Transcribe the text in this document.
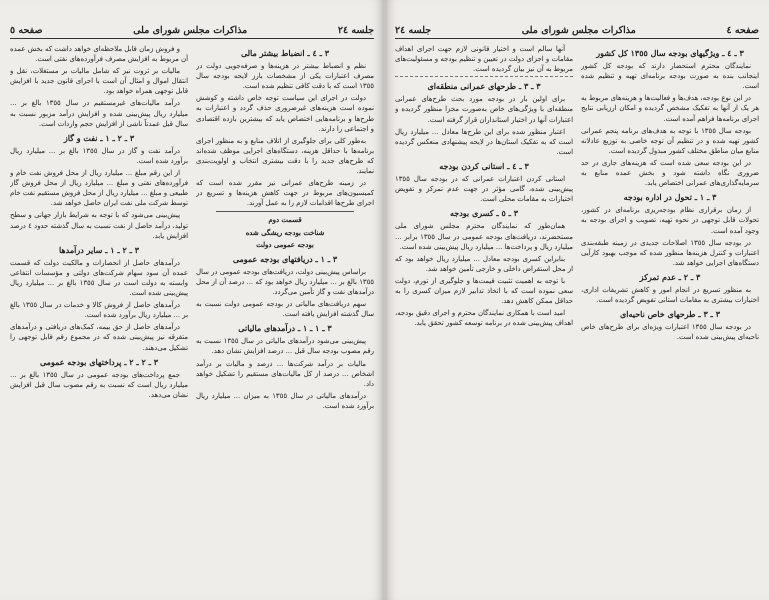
جلسه ٢٤
مذاکرات مجلس شورای ملی
صفحه ٥
٣ ـ ٤ ـ انضباط بیشتر مالی

نظم و انضباط بیشتر در هزینه‌ها و صرفه‌جویی دولت در مصرف اعتبارات یکی از مشخصات بارز لایحه بودجه سال ١٣٥٥ است که با دقت کافی تنظیم شده است.

دولت در اجرای این سیاست توجه خاص داشته و کوشش نموده است هزینه‌های غیرضروری حذف گردد و اعتبارات به طرح‌ها و برنامه‌هایی اختصاص یابد که بیشترین بازده اقتصادی و اجتماعی را دارند.

به‌طور کلی برای جلوگیری از اتلاف منابع و به منظور اجرای برنامه‌ها با حداقل هزینه، دستگاه‌های اجرایی موظف شده‌اند که طرح‌های جدید را با دقت بیشتری انتخاب و اولویت‌بندی نمایند.

در زمینه طرح‌های عمرانی نیز مقرر شده است که کمیسیون‌های مربوط در جهت کاهش هزینه‌ها و تسریع در اجرای طرح‌ها اقدامات لازم را به عمل آورند.

قسمت دوم
شناخت بودجه ریشگی شده
بودجه عمومی دولت
٣ ـ ١ ـ دریافتهای بودجه عمومی

براساس پیش‌بینی دولت، دریافت‌های بودجه عمومی در سال ١٣٥٥ بالغ بر ... میلیارد ریال خواهد بود که ... درصد آن از محل درآمدهای نفت و گاز تأمین می‌گردد.

سهم دریافت‌های مالیاتی در بودجه عمومی دولت نسبت به سال گذشته افزایش یافته است.

٣ ـ ١ ـ ١ ـ درآمدهای مالیاتی

پیش‌بینی می‌شود درآمدهای مالیاتی در سال ١٣٥٥ نسبت به رقم مصوب بودجه سال قبل ... درصد افزایش نشان دهد.

مالیات بر درآمد شرکت‌ها ... درصد و مالیات بر درآمد اشخاص ... درصد از کل مالیات‌های مستقیم را تشکیل خواهد داد.

درآمدهای مالیاتی در سال ١٣٥٥ به میزان ... میلیارد ریال برآورد شده است.

و فروش زمان قابل ملاحظه‌ای خواهد داشت که بخش عمده آن مربوط به افزایش مصرف فرآورده‌های نفتی است.

مالیات بر ثروت نیز که شامل مالیات بر مستغلات، نقل و انتقال اموال و امثال آن است با اجرای قانون جدید با افزایش قابل توجهی همراه خواهد بود.

درآمد مالیات‌های غیرمستقیم در سال ١٣٥٥ بالغ بر ... میلیارد ریال پیش‌بینی شده و افزایش درآمد مزبور نسبت به سال قبل عمدتاً ناشی از افزایش حجم واردات است.

٣ ـ ٢ ـ ١ ـ نفت و گاز

درآمد نفت و گاز در سال ١٣٥٥ بالغ بر ... میلیارد ریال برآورد شده است.

از این رقم مبلغ ... میلیارد ریال از محل فروش نفت خام و فرآورده‌های نفتی و مبلغ ... میلیارد ریال از محل فروش گاز طبیعی و مبلغ ... میلیارد ریال از محل فروش مستقیم نفت خام توسط شرکت ملی نفت ایران حاصل خواهد شد.

پیش‌بینی می‌شود که با توجه به شرایط بازار جهانی و سطح تولید، درآمد حاصل از نفت نسبت به سال گذشته حدود ٤ درصد افزایش یابد.

٣ ـ ٢ ـ ١ ـ سایر درآمدها

درآمدهای حاصل از انحصارات و مالکیت دولت که قسمت عمده آن سود سهام شرکت‌های دولتی و مؤسسات انتفاعی وابسته به دولت است در سال ١٣٥٥ بالغ بر ... میلیارد ریال پیش‌بینی شده است.

درآمدهای حاصل از فروش کالا و خدمات در سال ١٣٥٥ بالغ بر ... میلیارد ریال برآورد شده است.

درآمدهای حاصل از حق بیمه، کمک‌های دریافتی و درآمدهای متفرقه نیز پیش‌بینی شده که در مجموع رقم قابل توجهی را تشکیل می‌دهند.

٣ ـ ٢ ـ ٢ ـ پرداختهای بودجه عمومی

جمع پرداخت‌های بودجه عمومی در سال ١٣٥٥ بالغ بر ... میلیارد ریال است که نسبت به رقم مصوب سال قبل افزایش نشان می‌دهد.

صفحه ٤
مذاکرات مجلس شورای ملی
جلسه ٢٤
٣ ـ ٤ ـ ویژگیهای بودجه سال ١٣٥٥ کل کشور

نمایندگان محترم استحضار دارند که بودجه کل کشور اینجانب بنده به صورت بودجه برنامه‌ای تهیه و تنظیم شده است.

در این نوع بودجه، هدف‌ها و فعالیت‌ها و هزینه‌های مربوط به هر یک از آنها به تفکیک مشخص گردیده و امکان ارزیابی نتایج اجرای برنامه‌ها فراهم آمده است.

بودجه سال ١٣٥٥ با توجه به هدف‌های برنامه پنجم عمرانی کشور تهیه شده و در تنظیم آن توجه خاصی به توزیع عادلانه منابع میان مناطق مختلف کشور مبذول گردیده است.

در این بودجه سعی شده است که هزینه‌های جاری در حد ضروری نگاه داشته شود و بخش عمده منابع به سرمایه‌گذاری‌های عمرانی اختصاص یابد.

٣ ـ ١ ـ تحول در اداره بودجه

از زمان برقراری نظام بودجه‌ریزی برنامه‌ای در کشور، تحولات قابل توجهی در نحوه تهیه، تصویب و اجرای بودجه به وجود آمده است.

در بودجه سال ١٣٥٥ اصلاحات جدیدی در زمینه طبقه‌بندی اعتبارات و کنترل هزینه‌ها منظور شده که موجب بهبود کارآیی دستگاه‌های اجرایی خواهد شد.

٣ ـ ٢ ـ عدم تمرکز

به منظور تسریع در انجام امور و کاهش تشریفات اداری، اختیارات بیشتری به مقامات استانی تفویض گردیده است.

٣ ـ ٣ ـ طرحهای خاص ناحیه‌ای

در بودجه سال ١٣٥٥ اعتبارات ویژه‌ای برای طرح‌های خاص ناحیه‌ای پیش‌بینی شده است.

آنها سالم است و اختیار قانونی لازم جهت اجرای اهداف مقامات و اجزای دولت در تعیین و تنظیم بودجه و مسئولیت‌های مربوط به آن نیز بیان گردیده است.

٣ ـ ٣ ـ طرحهای عمرانی منطقه‌ای

برای اولین بار در بودجه مورد بحث طرح‌های عمرانی منطقه‌ای با ویژگی‌های خاص به‌صورت مجزا منظور گردیده و اعتبارات آنها در اختیار استانداران قرار گرفته است.

اعتبار منظور شده برای این طرح‌ها معادل ... میلیارد ریال است که به تفکیک استان‌ها در لایحه پیشنهادی منعکس گردیده است.

٣ ـ ٤ ـ استانی کردن بودجه

استانی کردن اعتبارات عمرانی که در بودجه سال ١٣٥٥ پیش‌بینی شده، گامی مؤثر در جهت عدم تمرکز و تفویض اختیارات به مقامات محلی است.

٣ ـ ٥ ـ کسری بودجه

همان‌طور که نمایندگان محترم مجلس شورای ملی مستحضرند، دریافت‌های بودجه عمومی در سال ١٣٥٥ برابر ... میلیارد ریال و پرداخت‌ها ... میلیارد ریال پیش‌بینی شده است.

بنابراین کسری بودجه معادل ... میلیارد ریال خواهد بود که از محل استقراض داخلی و خارجی تأمین خواهد شد.

با توجه به اهمیت تثبیت قیمت‌ها و جلوگیری از تورم، دولت سعی نموده است که با اتخاذ تدابیر لازم میزان کسری را به حداقل ممکن کاهش دهد.

امید است با همکاری نمایندگان محترم و اجرای دقیق بودجه، اهداف پیش‌بینی شده در برنامه توسعه کشور تحقق یابد.
